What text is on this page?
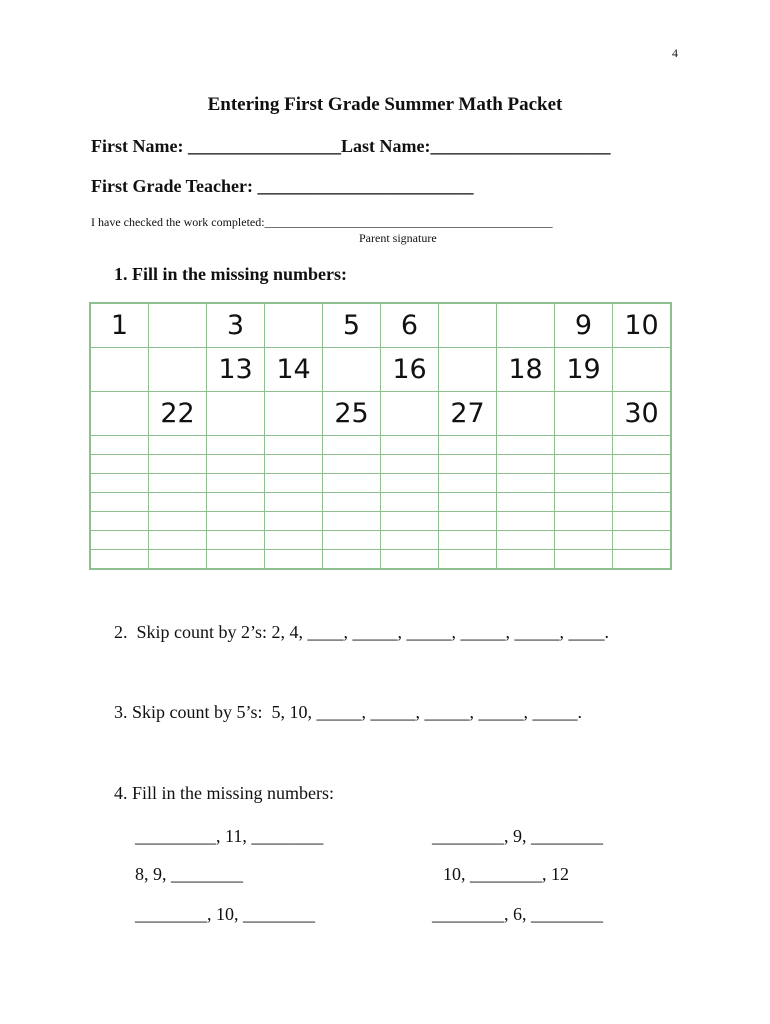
4
Entering First Grade Summer Math Packet
First Name: _________________Last Name:____________________
First Grade Teacher: ________________________
I have checked the work completed:________________________________________________
Parent signature
1. Fill in the missing numbers:
1		3		5	6			9	10
		13	14		16		18	19	
	22			25		27			30

2.  Skip count by 2’s: 2, 4, ____, _____, _____, _____, _____, ____.
3. Skip count by 5’s:  5, 10, _____, _____, _____, _____, _____.
4. Fill in the missing numbers:
_________, 11, ________
8, 9, ________
________, 10, ________
________, 9, ________
10, ________, 12
________, 6, ________
